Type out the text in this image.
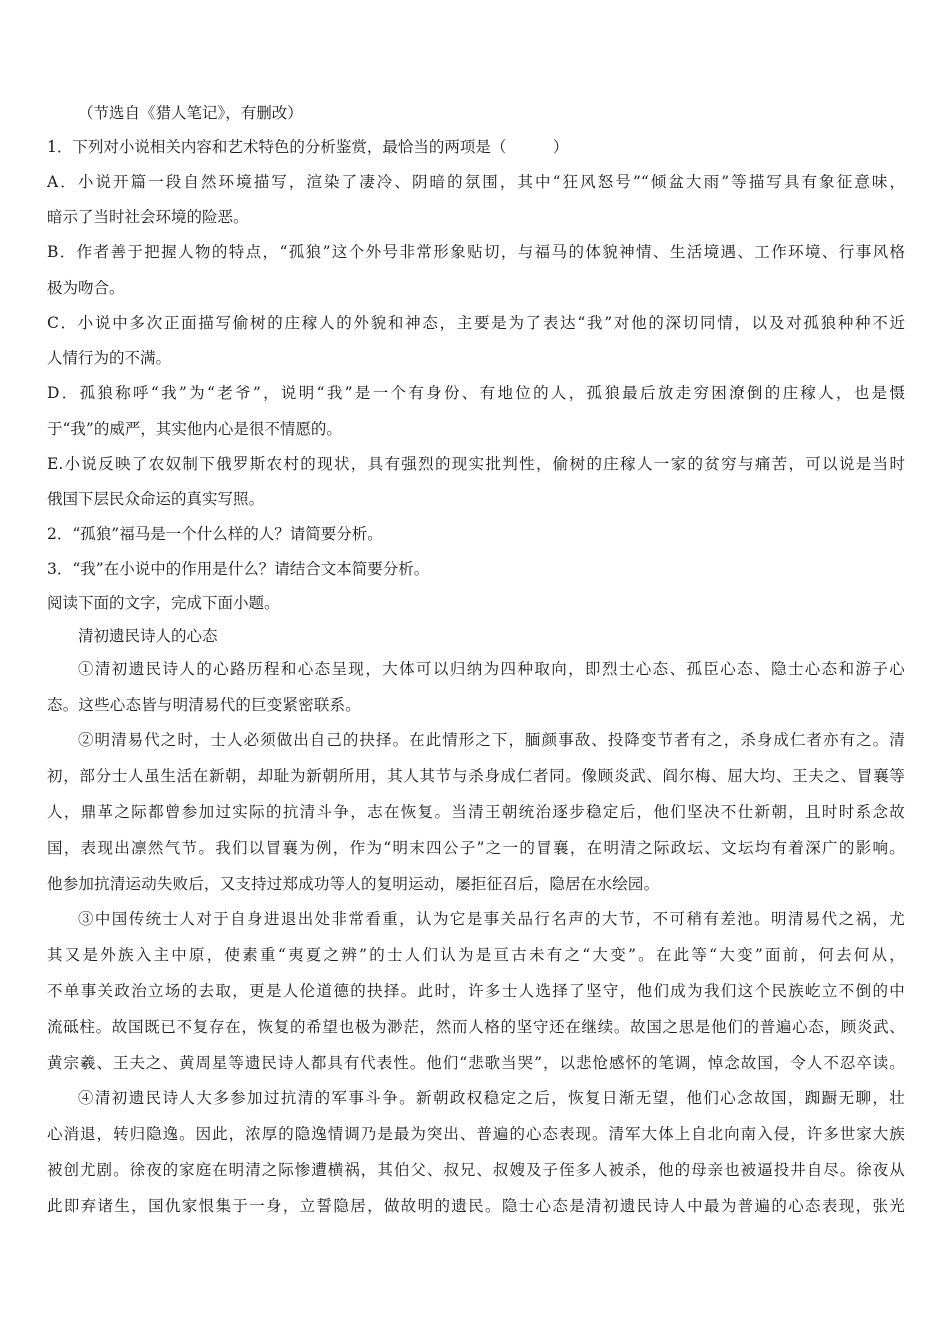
（节选自《猎人笔记》，有删改）
1．下列对小说相关内容和艺术特色的分析鉴赏，最恰当的两项是（　　　）
A．小说开篇一段自然环境描写，渲染了凄冷、阴暗的氛围，其中“狂风怒号”“倾盆大雨”等描写具有象征意味，
暗示了当时社会环境的险恶。
B．作者善于把握人物的特点，“孤狼”这个外号非常形象贴切，与福马的体貌神情、生活境遇、工作环境、行事风格
极为吻合。
C．小说中多次正面描写偷树的庄稼人的外貌和神态，主要是为了表达“我”对他的深切同情，以及对孤狼种种不近
人情行为的不满。
D．孤狼称呼“我”为“老爷”，说明“我”是一个有身份、有地位的人，孤狼最后放走穷困潦倒的庄稼人，也是慑
于“我”的威严，其实他内心是很不情愿的。
E.小说反映了农奴制下俄罗斯农村的现状，具有强烈的现实批判性，偷树的庄稼人一家的贫穷与痛苦，可以说是当时
俄国下层民众命运的真实写照。
2．“孤狼”福马是一个什么样的人？请简要分析。
3．“我”在小说中的作用是什么？请结合文本简要分析。
阅读下面的文字，完成下面小题。
清初遗民诗人的心态
①清初遗民诗人的心路历程和心态呈现，大体可以归纳为四种取向，即烈士心态、孤臣心态、隐士心态和游子心
态。这些心态皆与明清易代的巨变紧密联系。
②明清易代之时，士人必须做出自己的抉择。在此情形之下，腼颜事敌、投降变节者有之，杀身成仁者亦有之。清
初，部分士人虽生活在新朝，却耻为新朝所用，其人其节与杀身成仁者同。像顾炎武、阎尔梅、屈大均、王夫之、冒襄等
人，鼎革之际都曾参加过实际的抗清斗争，志在恢复。当清王朝统治逐步稳定后，他们坚决不仕新朝，且时时系念故
国，表现出凛然气节。我们以冒襄为例，作为“明末四公子”之一的冒襄，在明清之际政坛、文坛均有着深广的影响。
他参加抗清运动失败后，又支持过郑成功等人的复明运动，屡拒征召后，隐居在水绘园。
③中国传统士人对于自身进退出处非常看重，认为它是事关品行名声的大节，不可稍有差池。明清易代之祸，尤
其又是外族入主中原，使素重“夷夏之辨”的士人们认为是亘古未有之“大变”。在此等“大变”面前，何去何从，
不单事关政治立场的去取，更是人伦道德的抉择。此时，许多士人选择了坚守，他们成为我们这个民族屹立不倒的中
流砥柱。故国既已不复存在，恢复的希望也极为渺茫，然而人格的坚守还在继续。故国之思是他们的普遍心态，顾炎武、
黄宗羲、王夫之、黄周星等遗民诗人都具有代表性。他们“悲歌当哭”，以悲怆感怀的笔调，悼念故国，令人不忍卒读。
④清初遗民诗人大多参加过抗清的军事斗争。新朝政权稳定之后，恢复日渐无望，他们心念故国，踟蹰无聊，壮
心消退，转归隐逸。因此，浓厚的隐逸情调乃是最为突出、普遍的心态表现。清军大体上自北向南入侵，许多世家大族
被创尤剧。徐夜的家庭在明清之际惨遭横祸，其伯父、叔兄、叔嫂及子侄多人被杀，他的母亲也被逼投井自尽。徐夜从
此即弃诸生，国仇家恨集于一身，立誓隐居，做故明的遗民。隐士心态是清初遗民诗人中最为普遍的心态表现，张光
